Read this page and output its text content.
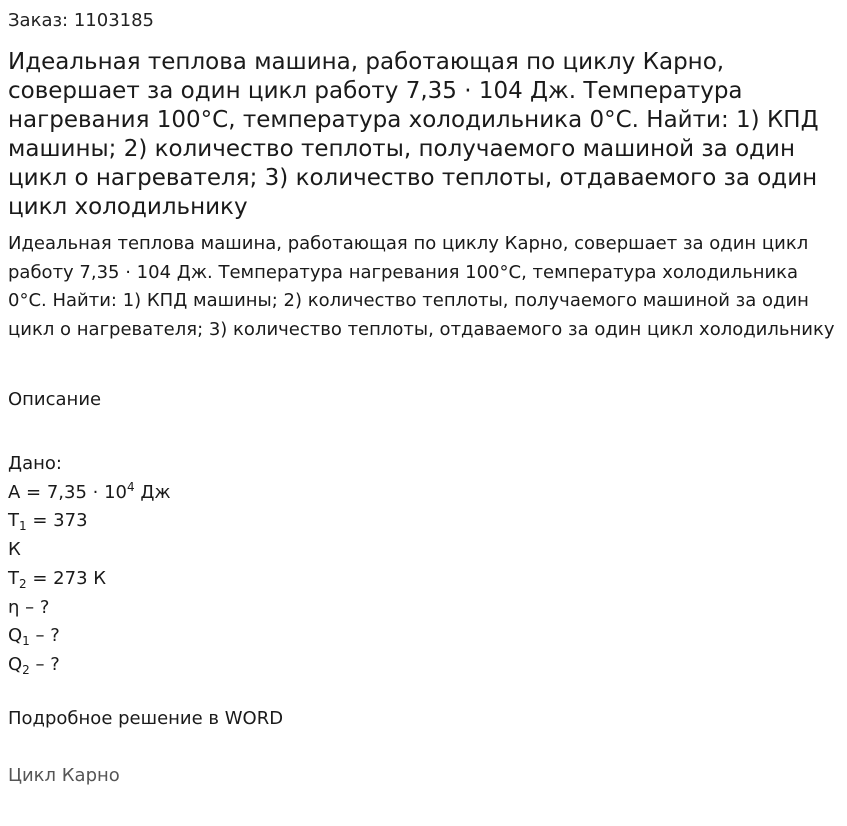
Заказ: 1103185
Идеальная теплова машина, работающая по циклу Карно, совершает за один цикл работу 7,35 · 104 Дж. Температура нагревания 100°С, температура холодильника 0°С. Найти: 1) КПД машины; 2) количество теплоты, получаемого машиной за один цикл о нагревателя; 3) количество теплоты, отдаваемого за один цикл холодильнику

Идеальная теплова машина, работающая по циклу Карно, совершает за один цикл работу 7,35 · 104 Дж. Температура нагревания 100°С, температура холодильника 0°С. Найти: 1) КПД машины; 2) количество теплоты, получаемого машиной за один цикл о нагревателя; 3) количество теплоты, отдаваемого за один цикл холодильнику

Описание
Дано:
$А = 7,35 \cdot 10^4$ Дж
$Т_1 = 373$
К
$Т_2 = 273$ К
η – ?
$Q_1$ – ?
$Q_2$ – ?
Подробное решение в WORD
Цикл Карно
